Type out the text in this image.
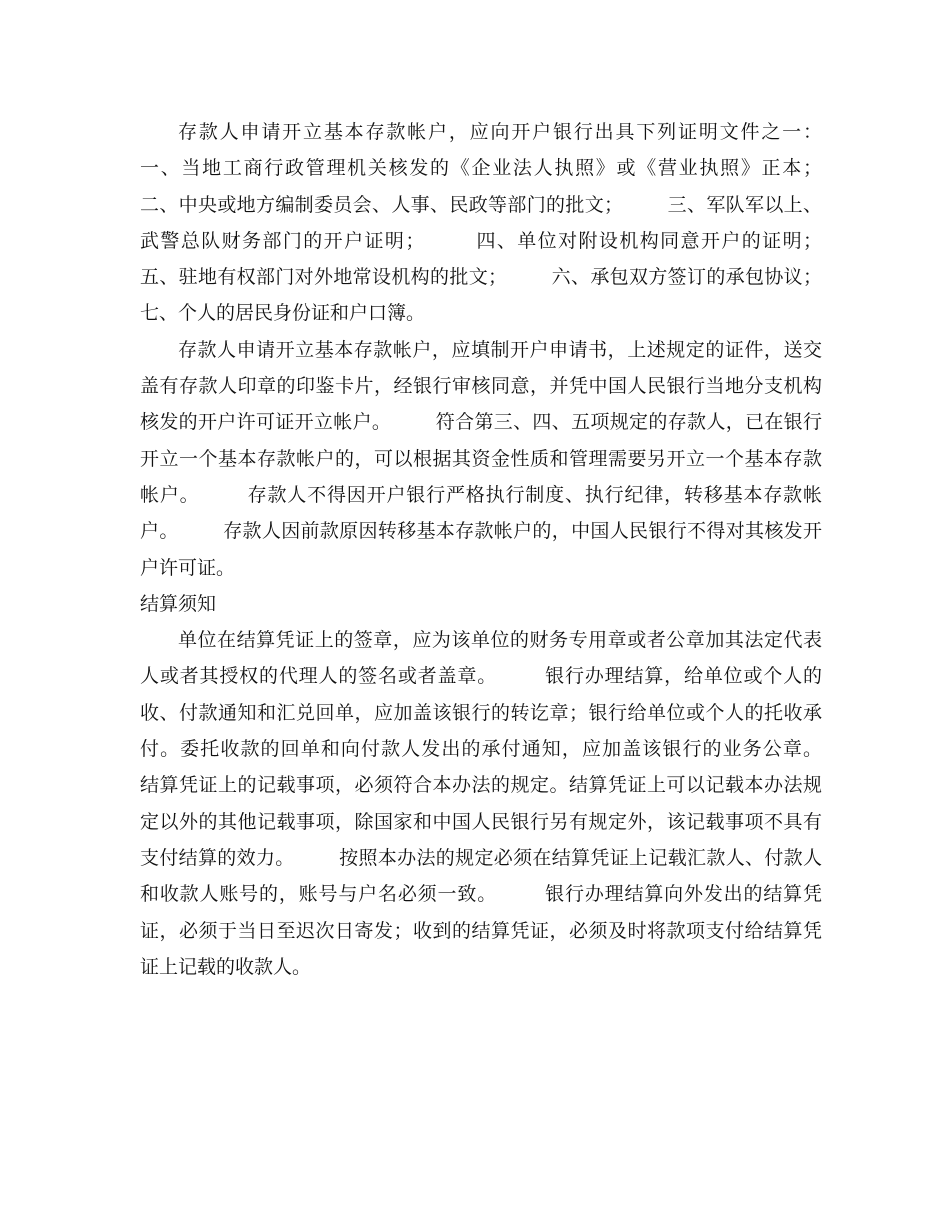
存款人申请开立基本存款帐户，应向开户银行出具下列证明文件之一：       一、当地工商行政管理机关核发的《企业法人执照》或《营业执照》正本；       二、中央或地方编制委员会、人事、民政等部门的批文；       三、军队军以上、武警总队财务部门的开户证明；       四、单位对附设机构同意开户的证明；       五、驻地有权部门对外地常设机构的批文；       六、承包双方签订的承包协议；       七、个人的居民身份证和户口簿。

存款人申请开立基本存款帐户，应填制开户申请书，上述规定的证件，送交盖有存款人印章的印鉴卡片，经银行审核同意，并凭中国人民银行当地分支机构核发的开户许可证开立帐户。       符合第三、四、五项规定的存款人，已在银行开立一个基本存款帐户的，可以根据其资金性质和管理需要另开立一个基本存款帐户。       存款人不得因开户银行严格执行制度、执行纪律，转移基本存款帐户。       存款人因前款原因转移基本存款帐户的，中国人民银行不得对其核发开户许可证。

结算须知

单位在结算凭证上的签章，应为该单位的财务专用章或者公章加其法定代表人或者其授权的代理人的签名或者盖章。       银行办理结算，给单位或个人的收、付款通知和汇兑回单，应加盖该银行的转讫章；银行给单位或个人的托收承付。委托收款的回单和向付款人发出的承付通知，应加盖该银行的业务公章。       结算凭证上的记载事项，必须符合本办法的规定。结算凭证上可以记载本办法规定以外的其他记载事项，除国家和中国人民银行另有规定外，该记载事项不具有支付结算的效力。       按照本办法的规定必须在结算凭证上记载汇款人、付款人和收款人账号的，账号与户名必须一致。       银行办理结算向外发出的结算凭证，必须于当日至迟次日寄发；收到的结算凭证，必须及时将款项支付给结算凭证上记载的收款人。
